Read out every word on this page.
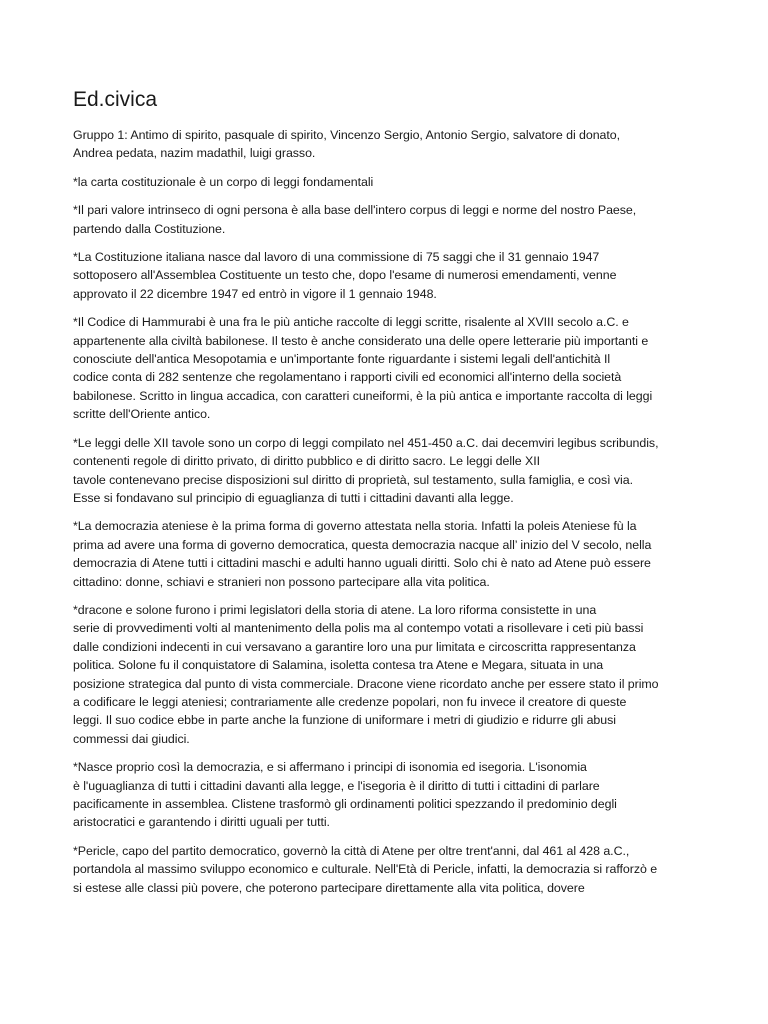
Ed.civica

Gruppo 1: Antimo di spirito, pasquale di spirito, Vincenzo Sergio, Antonio Sergio, salvatore di donato,
Andrea pedata, nazim madathil, luigi grasso.

*la carta costituzionale è un corpo di leggi fondamentali

*Il pari valore intrinseco di ogni persona è alla base dell'intero corpus di leggi e norme del nostro Paese,
partendo dalla Costituzione.

*La Costituzione italiana nasce dal lavoro di una commissione di 75 saggi che il 31 gennaio 1947
sottoposero all'Assemblea Costituente un testo che, dopo l'esame di numerosi emendamenti, venne
approvato il 22 dicembre 1947 ed entrò in vigore il 1 gennaio 1948.

*Il Codice di Hammurabi è una fra le più antiche raccolte di leggi scritte, risalente al XVIII secolo a.C. e
appartenente alla civiltà babilonese. Il testo è anche considerato una delle opere letterarie più importanti e
conosciute dell'antica Mesopotamia e un'importante fonte riguardante i sistemi legali dell'antichità Il
codice conta di 282 sentenze che regolamentano i rapporti civili ed economici all'interno della società
babilonese. Scritto in lingua accadica, con caratteri cuneiformi, è la più antica e importante raccolta di leggi
scritte dell'Oriente antico.

*Le leggi delle XII tavole sono un corpo di leggi compilato nel 451-450 a.C. dai decemviri legibus scribundis,
contenenti regole di diritto privato, di diritto pubblico e di diritto sacro. Le leggi delle XII
tavole contenevano precise disposizioni sul diritto di proprietà, sul testamento, sulla famiglia, e così via.
Esse si fondavano sul principio di eguaglianza di tutti i cittadini davanti alla legge.

*La democrazia ateniese è la prima forma di governo attestata nella storia. Infatti la poleis Ateniese fù la
prima ad avere una forma di governo democratica, questa democrazia nacque all’ inizio del V secolo, nella
democrazia di Atene tutti i cittadini maschi e adulti hanno uguali diritti. Solo chi è nato ad Atene può essere
cittadino: donne, schiavi e stranieri non possono partecipare alla vita politica.

*dracone e solone furono i primi legislatori della storia di atene. La loro riforma consistette in una
serie di provvedimenti volti al mantenimento della polis ma al contempo votati a risollevare i ceti più bassi
dalle condizioni indecenti in cui versavano a garantire loro una pur limitata e circoscritta rappresentanza
politica. Solone fu il conquistatore di Salamina, isoletta contesa tra Atene e Megara, situata in una
posizione strategica dal punto di vista commerciale. Dracone viene ricordato anche per essere stato il primo
a codificare le leggi ateniesi; contrariamente alle credenze popolari, non fu invece il creatore di queste
leggi. Il suo codice ebbe in parte anche la funzione di uniformare i metri di giudizio e ridurre gli abusi
commessi dai giudici.

*Nasce proprio così la democrazia, e si affermano i principi di isonomia ed isegoria. L'isonomia
è l'uguaglianza di tutti i cittadini davanti alla legge, e l'isegoria è il diritto di tutti i cittadini di parlare
pacificamente in assemblea. Clistene trasformò gli ordinamenti politici spezzando il predominio degli
aristocratici e garantendo i diritti uguali per tutti.

*Pericle, capo del partito democratico, governò la città di Atene per oltre trent'anni, dal 461 al 428 a.C.,
portandola al massimo sviluppo economico e culturale. Nell'Età di Pericle, infatti, la democrazia si rafforzò e
si estese alle classi più povere, che poterono partecipare direttamente alla vita politica, dovere
